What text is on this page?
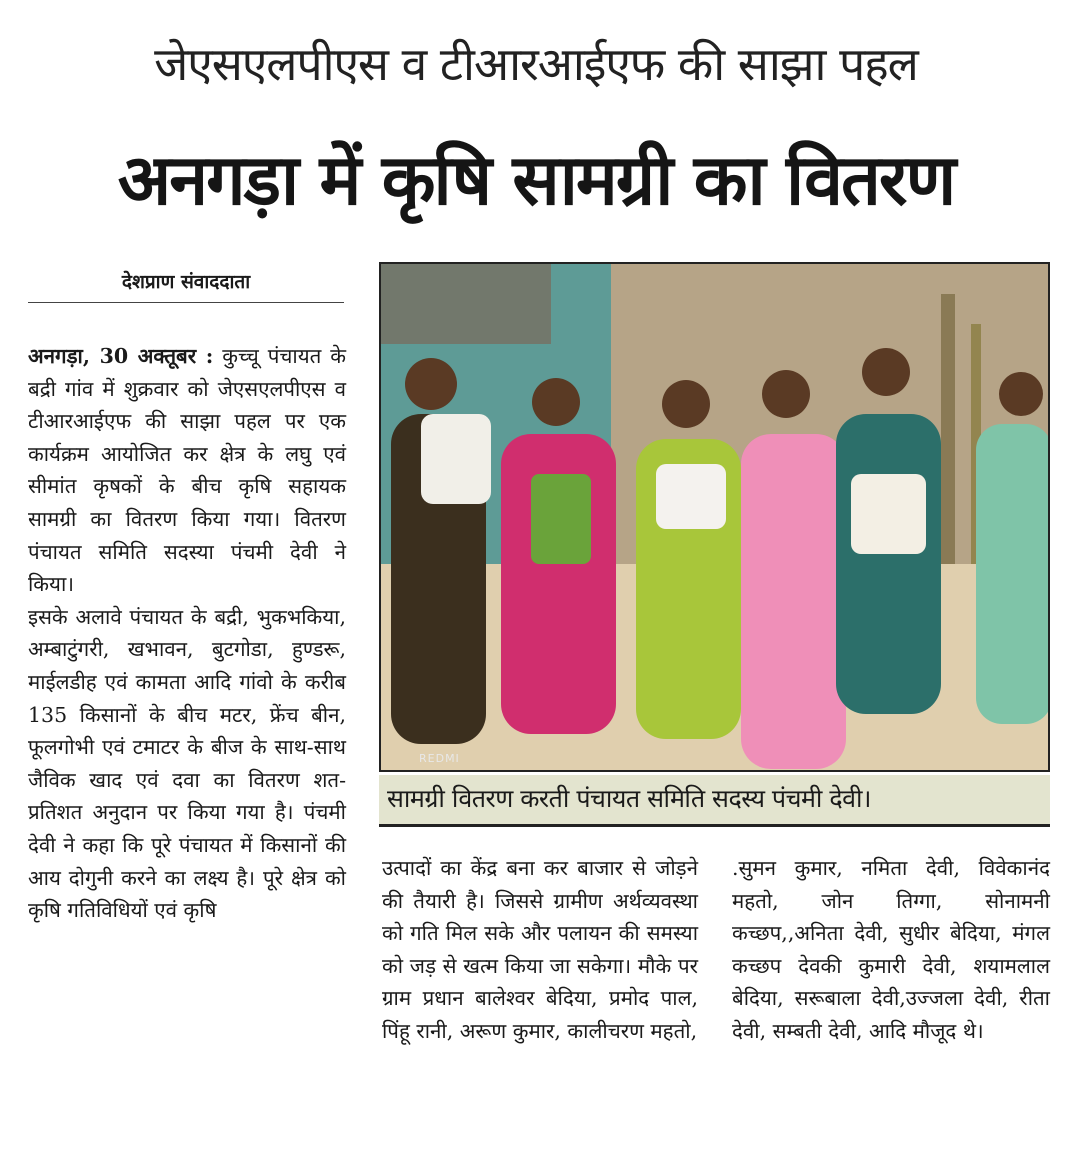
जेएसएलपीएस व टीआरआईएफ की साझा पहल
अनगड़ा में कृषि सामग्री का वितरण
देशप्राण संवाददाता

अनगड़ा, 30 अक्तूबर : कुच्चू पंचायत के बद्री गांव में शुक्रवार को जेएसएलपीएस व टीआरआईएफ की साझा पहल पर एक कार्यक्रम आयोजित कर क्षेत्र के लघु एवं सीमांत कृषकों के बीच कृषि सहायक सामग्री का वितरण किया गया। वितरण पंचायत समिति सदस्या पंचमी देवी ने किया।

इसके अलावे पंचायत के बद्री, भुकभकिया, अम्बाटुंगरी, खभावन, बुटगोडा, हुण्डरू, माईलडीह एवं कामता आदि गांवो के करीब 135 किसानों के बीच मटर, फ्रेंच बीन, फूलगोभी एवं टमाटर के बीज के साथ-साथ जैविक खाद एवं दवा का वितरण शत-प्रतिशत अनुदान पर किया गया है। पंचमी देवी ने कहा कि पूरे पंचायत में किसानों की आय दोगुनी करने का लक्ष्य है। पूरे क्षेत्र को कृषि गतिविधियों एवं कृषि

REDMI
सामग्री वितरण करती पंचायत समिति सदस्य पंचमी देवी।

उत्पादों का केंद्र बना कर बाजार से जोड़ने की तैयारी है। जिससे ग्रामीण अर्थव्यवस्था को गति मिल सके और पलायन की समस्या को जड़ से खत्म किया जा सकेगा। मौके पर ग्राम प्रधान बालेश्वर बेदिया, प्रमोद पाल, पिंहू रानी, अरूण कुमार, कालीचरण महतो,

.सुमन कुमार, नमिता देवी, विवेकानंद महतो, जोन तिग्गा, सोनामनी कच्छप,,अनिता देवी, सुधीर बेदिया, मंगल कच्छप देवकी कुमारी देवी, शयामलाल बेदिया, सरूबाला देवी,उज्जला देवी, रीता देवी, सम्बती देवी, आदि मौजूद थे।
